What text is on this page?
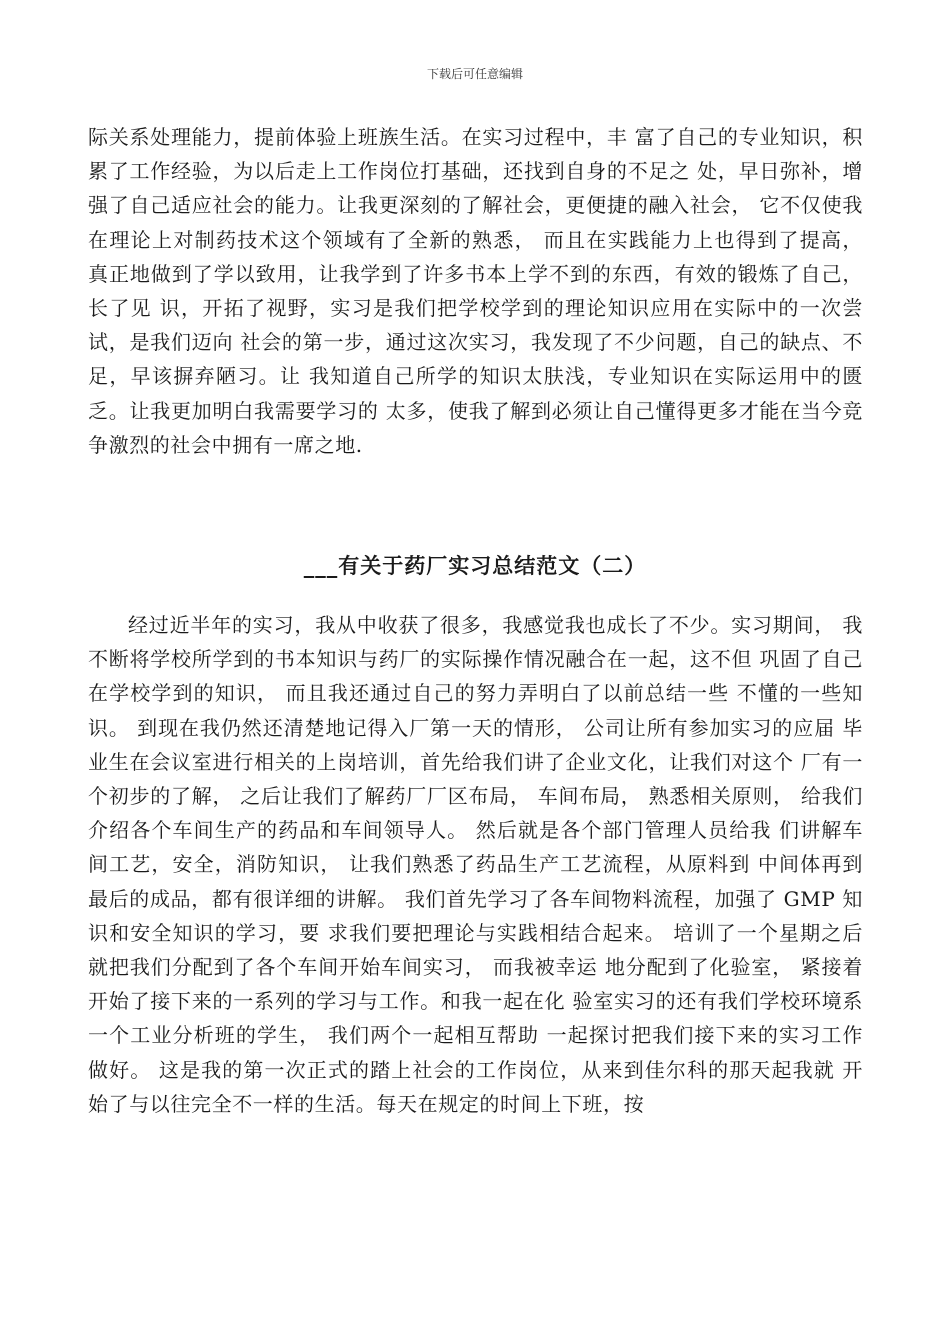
下载后可任意编辑

际关系处理能力，提前体验上班族生活。在实习过程中，丰 富了自己的专业知识，积累了工作经验，为以后走上工作岗位打基础，还找到自身的不足之 处，早日弥补，增强了自己适应社会的能力。让我更深刻的了解社会，更便捷的融入社会， 它不仅使我在理论上对制药技术这个领域有了全新的熟悉， 而且在实践能力上也得到了提高， 真正地做到了学以致用，让我学到了许多书本上学不到的东西，有效的锻炼了自己，长了见 识，开拓了视野，实习是我们把学校学到的理论知识应用在实际中的一次尝试，是我们迈向 社会的第一步，通过这次实习，我发现了不少问题，自己的缺点、不足，早该摒弃陋习。让 我知道自己所学的知识太肤浅，专业知识在实际运用中的匮乏。让我更加明白我需要学习的 太多，使我了解到必须让自己懂得更多才能在当今竞争激烈的社会中拥有一席之地.

___有关于药厂实习总结范文（二）

经过近半年的实习，我从中收获了很多，我感觉我也成长了不少。实习期间， 我不断将学校所学到的书本知识与药厂的实际操作情况融合在一起，这不但 巩固了自己在学校学到的知识， 而且我还通过自己的努力弄明白了以前总结一些 不懂的一些知识。 到现在我仍然还清楚地记得入厂第一天的情形， 公司让所有参加实习的应届 毕业生在会议室进行相关的上岗培训，首先给我们讲了企业文化，让我们对这个 厂有一个初步的了解， 之后让我们了解药厂厂区布局， 车间布局， 熟悉相关原则， 给我们介绍各个车间生产的药品和车间领导人。 然后就是各个部门管理人员给我 们讲解车间工艺，安全，消防知识， 让我们熟悉了药品生产工艺流程，从原料到 中间体再到最后的成品，都有很详细的讲解。 我们首先学习了各车间物料流程，加强了 GMP 知识和安全知识的学习，要 求我们要把理论与实践相结合起来。 培训了一个星期之后就把我们分配到了各个车间开始车间实习， 而我被幸运 地分配到了化验室， 紧接着开始了接下来的一系列的学习与工作。和我一起在化 验室实习的还有我们学校环境系一个工业分析班的学生， 我们两个一起相互帮助 一起探讨把我们接下来的实习工作做好。 这是我的第一次正式的踏上社会的工作岗位，从来到佳尔科的那天起我就 开始了与以往完全不一样的生活。每天在规定的时间上下班，按
